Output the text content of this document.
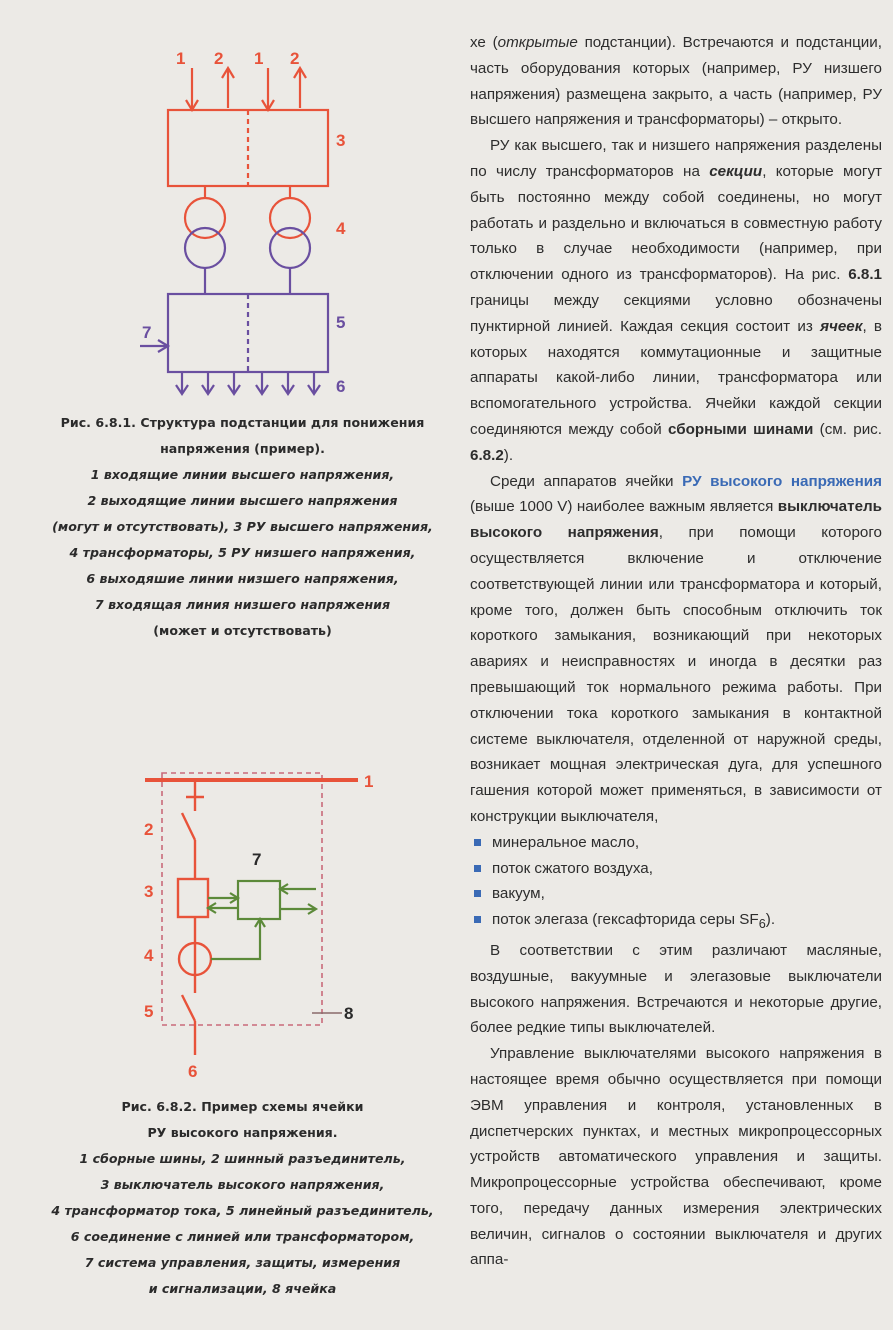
1 2 1 2
3
4
5
7
6
Рис. 6.8.1. Структура подстанции для понижения
напряжения (пример).
1 входящие линии высшего напряжения,
2 выходящие линии высшего напряжения
(могут и отсутствовать), 3 РУ высшего напряжения,
4 трансформаторы, 5 РУ низшего напряжения,
6 выходяшие линии низшего напряжения,
7 входящая линия низшего напряжения
(может и отсутствовать)
1
2
3
4
5
6
7
8
Рис. 6.8.2. Пример схемы ячейки
РУ высокого напряжения.
1 сборные шины, 2 шинный разъединитель,
3 выключатель высокого напряжения,
4 трансформатор тока, 5 линейный разъединитель,
6 соединение с линией или трансформатором,
7 система управления, защиты, измерения
и сигнализации, 8 ячейка

хе (открытые подстанции). Встречаются и подстанции, часть оборудования которых (например, РУ низшего напряжения) размещена закрыто, а часть (например, РУ высшего напряжения и трансформаторы) – открыто.

РУ как высшего, так и низшего напряжения разделены по числу трансформаторов на секции, которые могут быть постоянно между собой соединены, но могут работать и раздельно и включаться в совместную работу только в случае необходимости (например, при отключении одного из трансформаторов). На рис. 6.8.1 границы между секциями условно обозначены пунктирной линией. Каждая секция состоит из ячеек, в которых находятся коммутационные и защитные аппараты какой-либо линии, трансформатора или вспомогательного устройства. Ячейки каждой секции соединяются между собой сборными шинами (см. рис. 6.8.2).

Среди аппаратов ячейки РУ высокого напряжения (выше 1000 V) наиболее важным является выключатель высокого напряжения, при помощи которого осуществляется включение и отключение соответствующей линии или трансформатора и который, кроме того, должен быть способным отключить ток короткого замыкания, возникающий при некоторых авариях и неисправностях и иногда в десятки раз превышающий ток нормального режима работы. При отключении тока короткого замыкания в контактной системе выключателя, отделенной от наружной среды, возникает мощная электрическая дуга, для успешного гашения которой может применяться, в зависимости от конструкции выключателя,

минеральное масло,
поток сжатого воздуха,
вакуум,
поток элегаза (гексафторида серы $SF_6$).

В соответствии с этим различают масляные, воздушные, вакуумные и элегазовые выключатели высокого напряжения. Встречаются и некоторые другие, более редкие типы выключателей.

Управление выключателями высокого напряжения в настоящее время обычно осуществляется при помощи ЭВМ управления и контроля, установленных в диспетчерских пунктах, и местных микропроцессорных устройств автоматического управления и защиты. Микропроцессорные устройства обеспечивают, кроме того, передачу данных измерения электрических величин, сигналов о состоянии выключателя и других аппа-
